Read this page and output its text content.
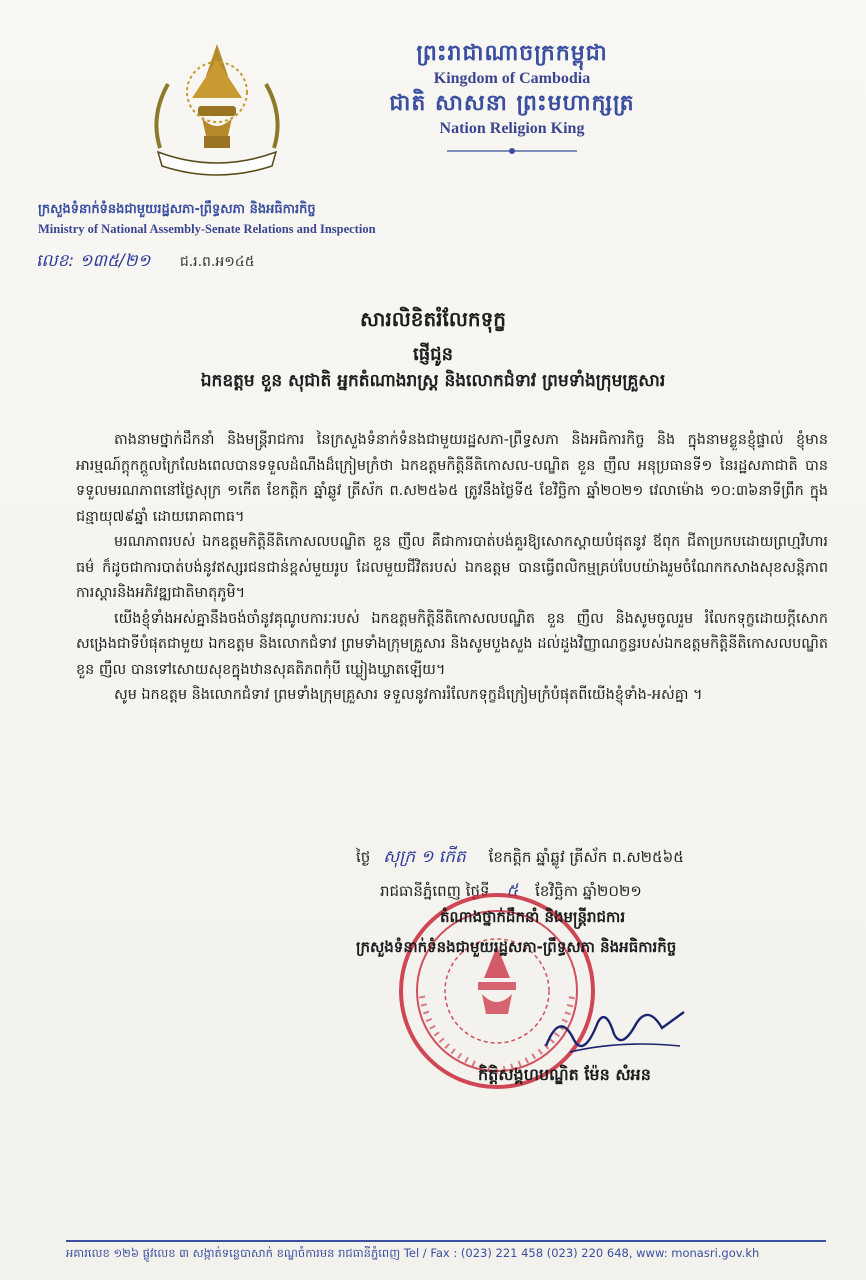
ព្រះរាជាណាចក្រកម្ពុជា
Kingdom of Cambodia
ជាតិ សាសនា ព្រះមហាក្សត្រ
Nation Religion King
ក្រសួងទំនាក់ទំនងជាមួយរដ្ឋសភា-ព្រឹទ្ធសភា និងអធិការកិច្ច
Ministry of National Assembly-Senate Relations and Inspection
លេខ: ១៣៥/២១ ជ.រ.ព.អ១៤៥
សារលិខិតរំលែកទុក្ខ
ផ្ញើជូន
ឯកឧត្តម ខួន សុជាតិ អ្នកតំណាងរាស្ត្រ និងលោកជំទាវ ព្រមទាំងក្រុមគ្រួសារ

តាងនាមថ្នាក់ដឹកនាំ និងមន្ត្រីរាជការ នៃក្រសួងទំនាក់ទំនងជាមួយរដ្ឋសភា-ព្រឹទ្ធសភា និងអធិការកិច្ច និង ក្នុងនាមខ្លួនខ្ញុំផ្ទាល់ ខ្ញុំមានអារម្មណ៍ក្តុកក្តួលក្រៃលែងពេលបានទទួលដំណឹងដ៏ក្រៀមក្រំថា ឯកឧត្តមកិត្តិនីតិកោសល-បណ្ឌិត ខួន ញឹល អនុប្រធានទី១ នៃរដ្ឋសភាជាតិ បានទទួលមរណភាពនៅថ្ងៃសុក្រ ១កើត ខែកត្តិក ឆ្នាំឆ្លូវ ត្រីស័ក ព.ស២៥៦៥ ត្រូវនឹងថ្ងៃទី៥ ខែវិច្ឆិកា ឆ្នាំ២០២១ វេលាម៉ោង ១០:៣៦នាទីព្រឹក ក្នុងជន្មាយុ៧៩ឆ្នាំ ដោយរោគាពាធ។

មរណភាពរបស់ ឯកឧត្តមកិត្តិនីតិកោសលបណ្ឌិត ខួន ញឹល គឺជាការបាត់បង់គួរឱ្យសោកស្តាយបំផុតនូវ ឪពុក ជីតាប្រកបដោយព្រហ្មវិហារធម៌ ក៏ដូចជាការបាត់បង់នូវឥស្សរជនជាន់ខ្ពស់មួយរូប ដែលមួយជីវិតរបស់ ឯកឧត្តម បានធ្វើពលិកម្មគ្រប់បែបយ៉ាងរួមចំណែកកសាងសុខសន្តិភាព ការស្តារនិងអភិវឌ្ឍជាតិមាតុភូមិ។

យើងខ្ញុំទាំងអស់គ្នានឹងចង់ចាំនូវគុណូបការៈរបស់ ឯកឧត្តមកិត្តិនីតិកោសលបណ្ឌិត ខួន ញឹល និងសូមចូលរួម រំលែកទុក្ខដោយក្តីសោកសង្រេងជាទីបំផុតជាមួយ ឯកឧត្តម និងលោកជំទាវ ព្រមទាំងក្រុមគ្រួសារ និងសូមបួងសួង ដល់ដួងវិញ្ញាណក្ខន្ធរបស់ឯកឧត្តមកិត្តិនីតិកោសលបណ្ឌិត ខួន ញឹល បានទៅសោយសុខក្នុងឋានសុគតិភពកុំបី ឃ្លៀងឃ្លាតឡើយ។

សូម ឯកឧត្តម និងលោកជំទាវ ព្រមទាំងក្រុមគ្រួសារ ទទួលនូវការរំលែកទុក្ខដ៏ក្រៀមក្រំបំផុតពីយើងខ្ញុំទាំង-អស់គ្នា ។

ថ្ងៃ សុក្រ ១ កើត ខែកត្តិក ឆ្នាំឆ្លូវ ត្រីស័ក ព.ស២៥៦៥
រាជធានីភ្នំពេញ ថ្ងៃទី ៥ ខែវិច្ឆិកា ឆ្នាំ២០២១
តំណាងថ្នាក់ដឹកនាំ និងមន្ត្រីរាជការ
ក្រសួងទំនាក់ទំនងជាមួយរដ្ឋសភា-ព្រឹទ្ធសភា និងអធិការកិច្ច
កិត្តិសង្គហបណ្ឌិត ម៉ែន សំអន
អគារលេខ ១២៦ ផ្លូវលេខ ៣ សង្កាត់ទន្លេបាសាក់ ខណ្ឌចំការមន រាជធានីភ្នំពេញ Tel / Fax : (023) 221 458 (023) 220 648, www: monasri.gov.kh
